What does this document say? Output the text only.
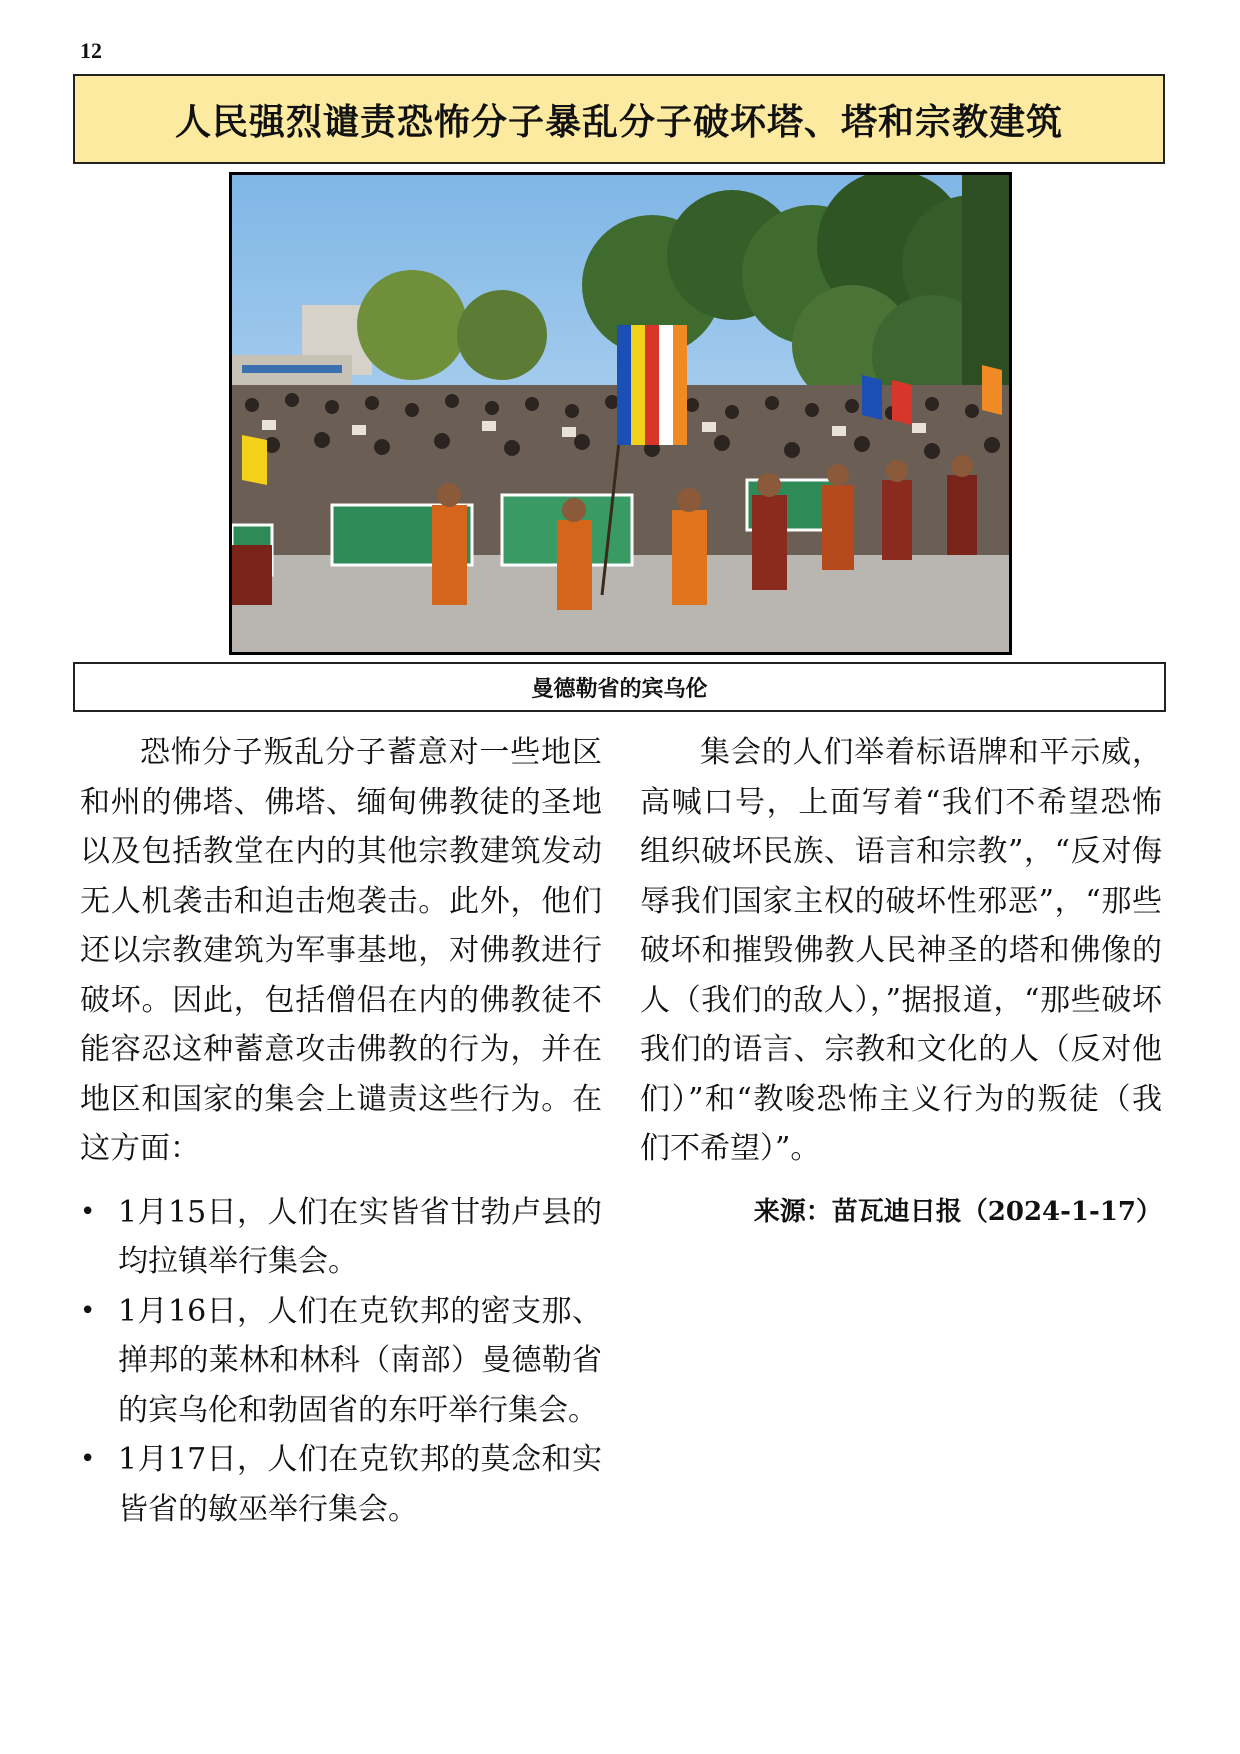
12
人民强烈谴责恐怖分子暴乱分子破坏塔、塔和宗教建筑
曼德勒省的宾乌伦

恐怖分子叛乱分子蓄意对一些地区和州的佛塔、佛塔、缅甸佛教徒的圣地以及包括教堂在内的其他宗教建筑发动无人机袭击和迫击炮袭击。此外，他们还以宗教建筑为军事基地，对佛教进行破坏。因此，包括僧侣在内的佛教徒不能容忍这种蓄意攻击佛教的行为，并在地区和国家的集会上谴责这些行为。在这方面：

• 1月15日，人们在实皆省甘勃卢县的均拉镇举行集会。
• 1月16日，人们在克钦邦的密支那、掸邦的莱林和林科（南部）曼德勒省的宾乌伦和勃固省的东吁举行集会。
• 1月17日，人们在克钦邦的莫念和实皆省的敏巫举行集会。

集会的人们举着标语牌和平示威，高喊口号，上面写着“我们不希望恐怖组织破坏民族、语言和宗教”，“反对侮辱我们国家主权的破坏性邪恶”，“那些破坏和摧毁佛教人民神圣的塔和佛像的人（我们的敌人），”据报道，“那些破坏我们的语言、宗教和文化的人（反对他们）”和“教唆恐怖主义行为的叛徒（我们不希望）”。

来源：苗瓦迪日报（2024-1-17）
